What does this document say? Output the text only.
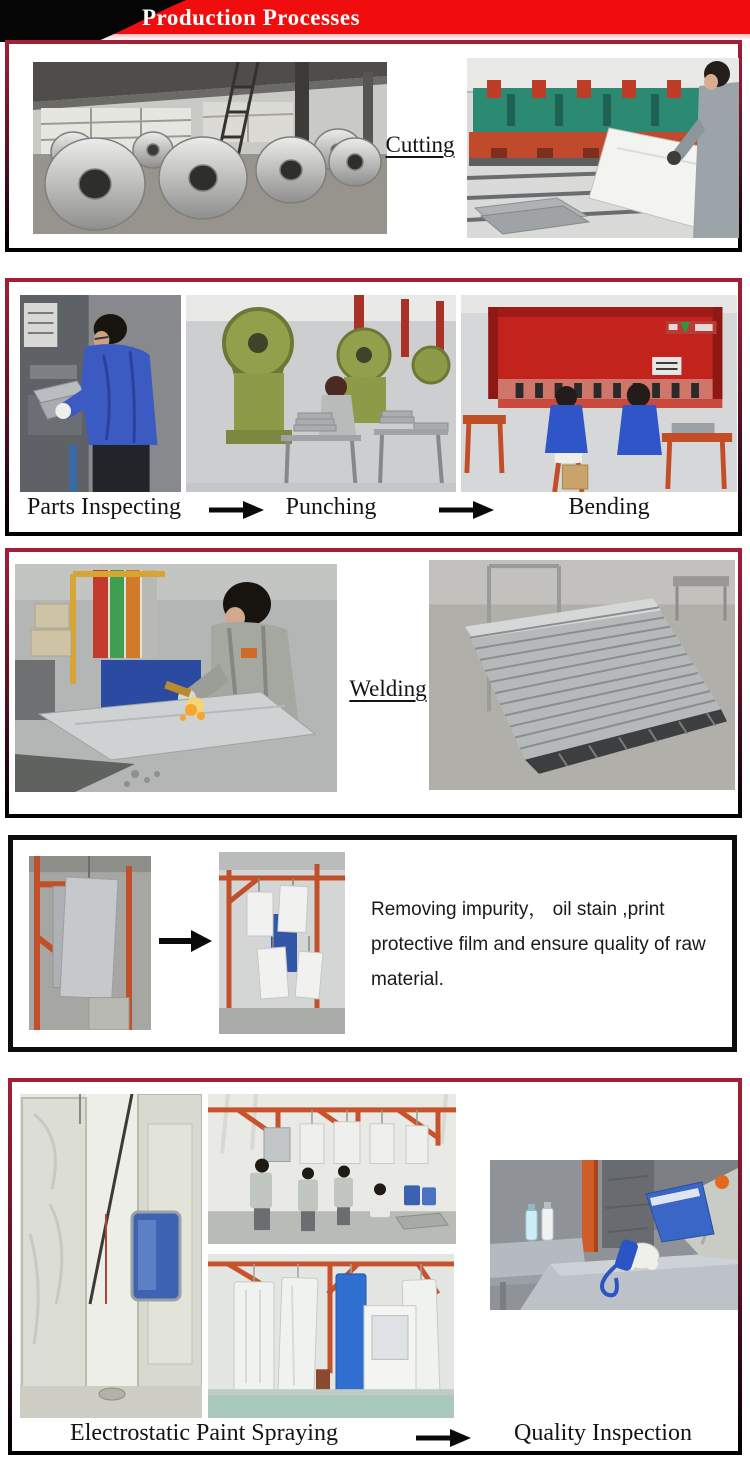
Production Processes
Cutting
Parts Inspecting	Punching	Bending
Welding
Removing impurity， oil stain ,print protective film and ensure quality of raw material.
Electrostatic Paint Spraying	Quality Inspection
